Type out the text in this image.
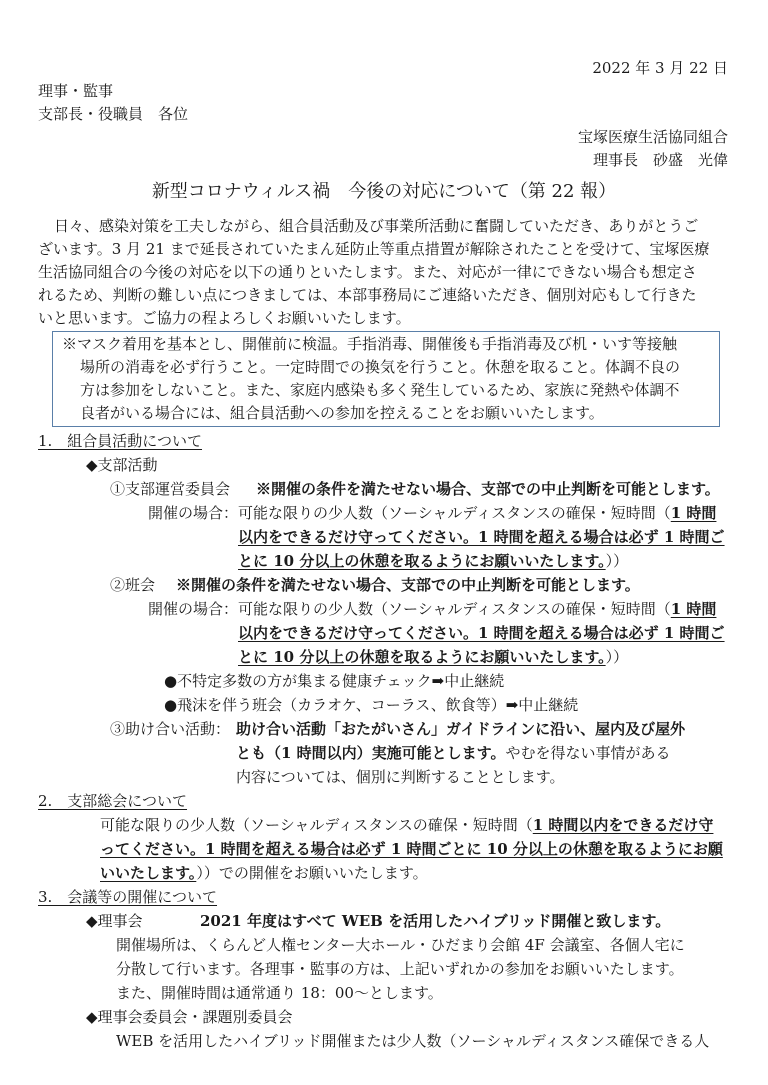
2022 年 3 月 22 日
理事・監事
支部長・役職員　各位
宝塚医療生活協同組合
理事長　砂盛　光偉
新型コロナウィルス禍　今後の対応について（第 22 報）
日々、感染対策を工夫しながら、組合員活動及び事業所活動に奮闘していただき、ありがとうご
ざいます。3 月 21 まで延長されていたまん延防止等重点措置が解除されたことを受けて、宝塚医療
生活協同組合の今後の対応を以下の通りといたします。また、対応が一律にできない場合も想定さ
れるため、判断の難しい点につきましては、本部事務局にご連絡いただき、個別対応もして行きた
いと思います。ご協力の程よろしくお願いいたします。
※マスク着用を基本とし、開催前に検温。手指消毒、開催後も手指消毒及び机・いす等接触
場所の消毒を必ず行うこと。一定時間での換気を行うこと。休憩を取ること。体調不良の
方は参加をしないこと。また、家庭内感染も多く発生しているため、家族に発熱や体調不
良者がいる場合には、組合員活動への参加を控えることをお願いいたします。
1.　組合員活動について
◆支部活動
①支部運営委員会 ※開催の条件を満たせない場合、支部での中止判断を可能とします。
開催の場合：可能な限りの少人数（ソーシャルディスタンスの確保・短時間（1 時間
以内をできるだけ守ってください。1 時間を超える場合は必ず 1 時間ご
とに 10 分以上の休憩を取るようにお願いいたします。））
②班会 ※開催の条件を満たせない場合、支部での中止判断を可能とします。
開催の場合：可能な限りの少人数（ソーシャルディスタンスの確保・短時間（1 時間
以内をできるだけ守ってください。1 時間を超える場合は必ず 1 時間ご
とに 10 分以上の休憩を取るようにお願いいたします。））
●不特定多数の方が集まる健康チェック➡中止継続
●飛沫を伴う班会（カラオケ、コーラス、飲食等）➡中止継続
③助け合い活動： 助け合い活動「おたがいさん」ガイドラインに沿い、屋内及び屋外
とも（1 時間以内）実施可能とします。やむを得ない事情がある
内容については、個別に判断することとします。
2.　支部総会について
可能な限りの少人数（ソーシャルディスタンスの確保・短時間（1 時間以内をできるだけ守
ってください。1 時間を超える場合は必ず 1 時間ごとに 10 分以上の休憩を取るようにお願
いいたします。））での開催をお願いいたします。
3.　会議等の開催について
◆理事会	2021 年度はすべて WEB を活用したハイブリッド開催と致します。
開催場所は、くらんど人権センター大ホール・ひだまり会館 4F 会議室、各個人宅に
分散して行います。各理事・監事の方は、上記いずれかの参加をお願いいたします。
また、開催時間は通常通り 18：00～とします。
◆理事会委員会・課題別委員会
WEB を活用したハイブリッド開催または少人数（ソーシャルディスタンス確保できる人
